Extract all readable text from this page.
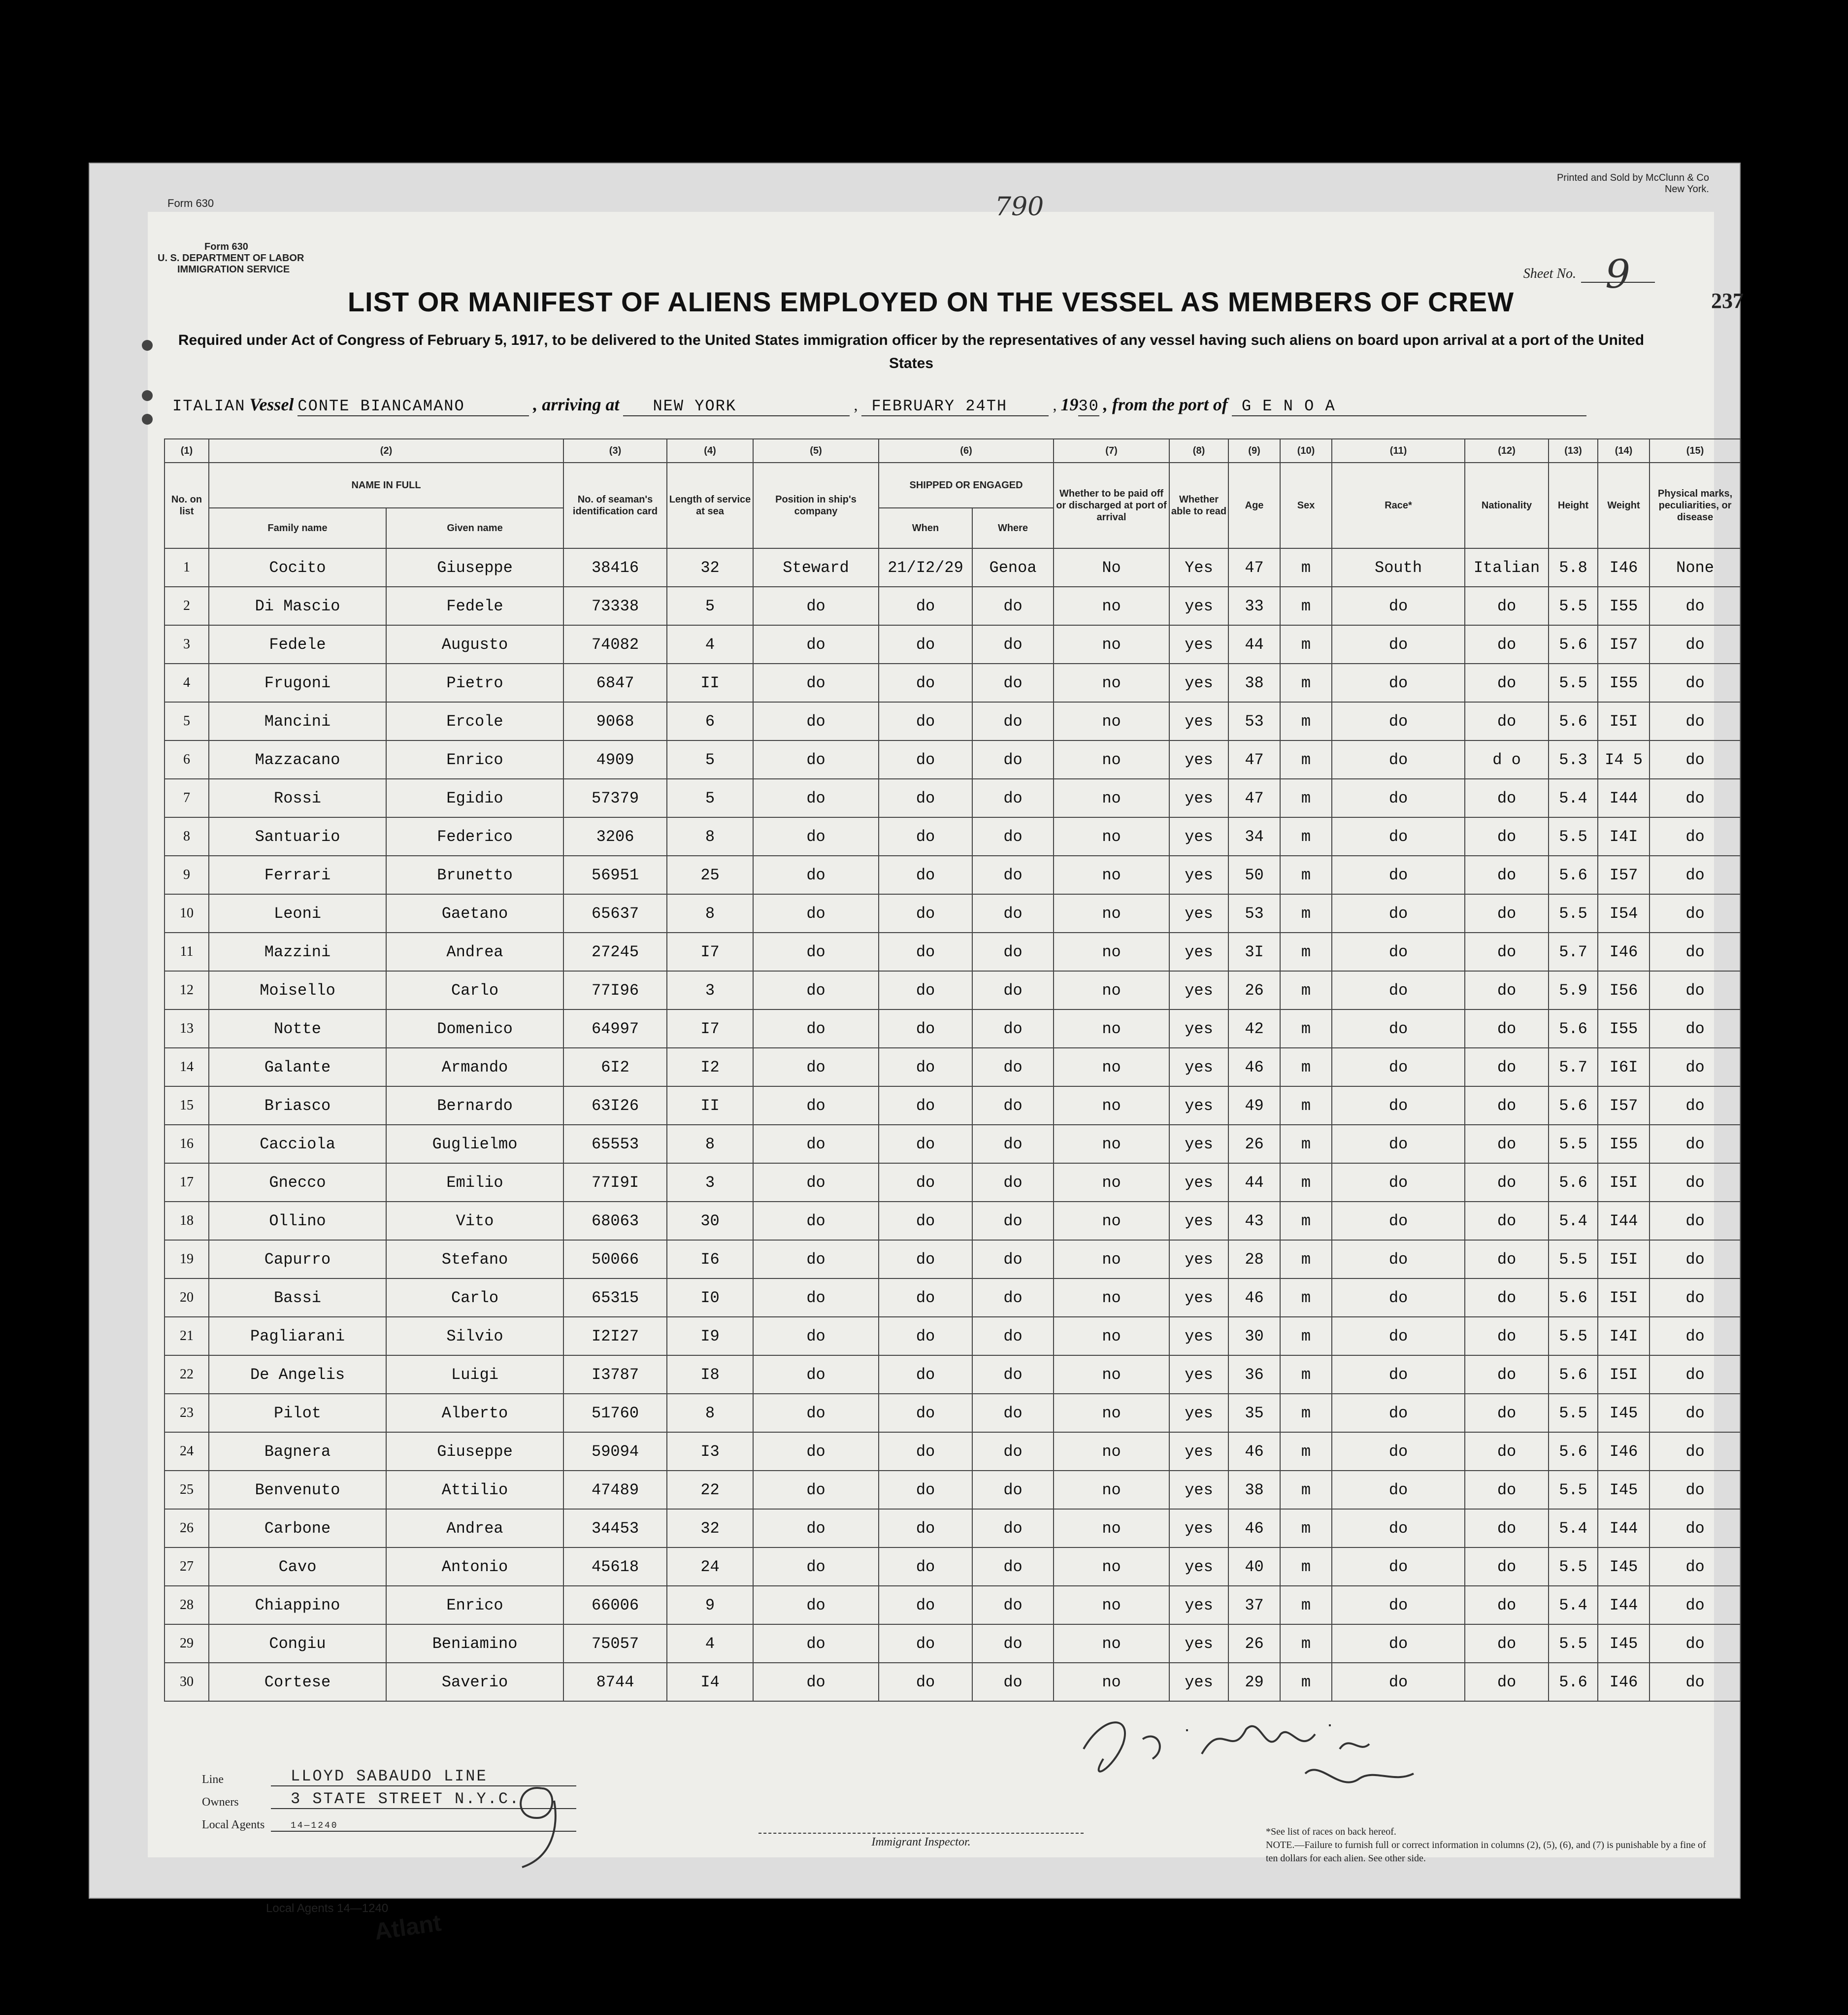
Form 630
Local Agents 14—1240
Atlant
Printed and Sold by McClunn & Co
New York.
Form 630
U. S. DEPARTMENT OF LABOR
IMMIGRATION SERVICE
790
Sheet No. 9
237
LIST OR MANIFEST OF ALIENS EMPLOYED ON THE VESSEL AS MEMBERS OF CREW
Required under Act of Congress of February 5, 1917, to be delivered to the United States immigration officer by the representatives of any vessel having such aliens on board upon arrival at a port of the United States
ITALIAN Vessel CONTE BIANCAMANO	, arriving at NEW YORK	, FEBRUARY 24TH	, 1930 , from the port of G E N O A
(1)	(2)		(3)	(4)	(5)	(6)		(7)	(8)	(9)	(10)	(11)	(12)	(13)	(14)	(15)
No. on list	NAME IN FULL		No. of seaman's identification card	Length of service at sea	Position in ship's company	SHIPPED OR ENGAGED		Whether to be paid off or discharged at port of arrival	Whether able to read	Age	Sex	Race*	Nationality	Height	Weight	Physical marks, peculiarities, or disease
	Family name	Given name				When	Where									
1	Cocito	Giuseppe	38416	32	Steward	21/I2/29	Genoa	No	Yes	47	m	South	Italian	5.8	I46	None
2	Di Mascio	Fedele	73338	5	do	do	do	no	yes	33	m	do	do	5.5	I55	do
3	Fedele	Augusto	74082	4	do	do	do	no	yes	44	m	do	do	5.6	I57	do
4	Frugoni	Pietro	6847	II	do	do	do	no	yes	38	m	do	do	5.5	I55	do
5	Mancini	Ercole	9068	6	do	do	do	no	yes	53	m	do	do	5.6	I5I	do
6	Mazzacano	Enrico	4909	5	do	do	do	no	yes	47	m	do	d o	5.3	I4 5	do
7	Rossi	Egidio	57379	5	do	do	do	no	yes	47	m	do	do	5.4	I44	do
8	Santuario	Federico	3206	8	do	do	do	no	yes	34	m	do	do	5.5	I4I	do
9	Ferrari	Brunetto	56951	25	do	do	do	no	yes	50	m	do	do	5.6	I57	do
10	Leoni	Gaetano	65637	8	do	do	do	no	yes	53	m	do	do	5.5	I54	do
11	Mazzini	Andrea	27245	I7	do	do	do	no	yes	3I	m	do	do	5.7	I46	do
12	Moisello	Carlo	77I96	3	do	do	do	no	yes	26	m	do	do	5.9	I56	do
13	Notte	Domenico	64997	I7	do	do	do	no	yes	42	m	do	do	5.6	I55	do
14	Galante	Armando	6I2	I2	do	do	do	no	yes	46	m	do	do	5.7	I6I	do
15	Briasco	Bernardo	63I26	II	do	do	do	no	yes	49	m	do	do	5.6	I57	do
16	Cacciola	Guglielmo	65553	8	do	do	do	no	yes	26	m	do	do	5.5	I55	do
17	Gnecco	Emilio	77I9I	3	do	do	do	no	yes	44	m	do	do	5.6	I5I	do
18	Ollino	Vito	68063	30	do	do	do	no	yes	43	m	do	do	5.4	I44	do
19	Capurro	Stefano	50066	I6	do	do	do	no	yes	28	m	do	do	5.5	I5I	do
20	Bassi	Carlo	65315	I0	do	do	do	no	yes	46	m	do	do	5.6	I5I	do
21	Pagliarani	Silvio	I2I27	I9	do	do	do	no	yes	30	m	do	do	5.5	I4I	do
22	De Angelis	Luigi	I3787	I8	do	do	do	no	yes	36	m	do	do	5.6	I5I	do
23	Pilot	Alberto	51760	8	do	do	do	no	yes	35	m	do	do	5.5	I45	do
24	Bagnera	Giuseppe	59094	I3	do	do	do	no	yes	46	m	do	do	5.6	I46	do
25	Benvenuto	Attilio	47489	22	do	do	do	no	yes	38	m	do	do	5.5	I45	do
26	Carbone	Andrea	34453	32	do	do	do	no	yes	46	m	do	do	5.4	I44	do
27	Cavo	Antonio	45618	24	do	do	do	no	yes	40	m	do	do	5.5	I45	do
28	Chiappino	Enrico	66006	9	do	do	do	no	yes	37	m	do	do	5.4	I44	do
29	Congiu	Beniamino	75057	4	do	do	do	no	yes	26	m	do	do	5.5	I45	do
30	Cortese	Saverio	8744	I4	do	do	do	no	yes	29	m	do	do	5.6	I46	do
Line	LLOYD SABAUDO LINE
Owners	3 STATE STREET N.Y.C.
Local Agents	14—1240
Immigrant Inspector.
*See list of races on back hereof.
NOTE.—Failure to furnish full or correct information in columns (2), (5), (6), and (7) is punishable by a fine of ten dollars for each alien. See other side.
